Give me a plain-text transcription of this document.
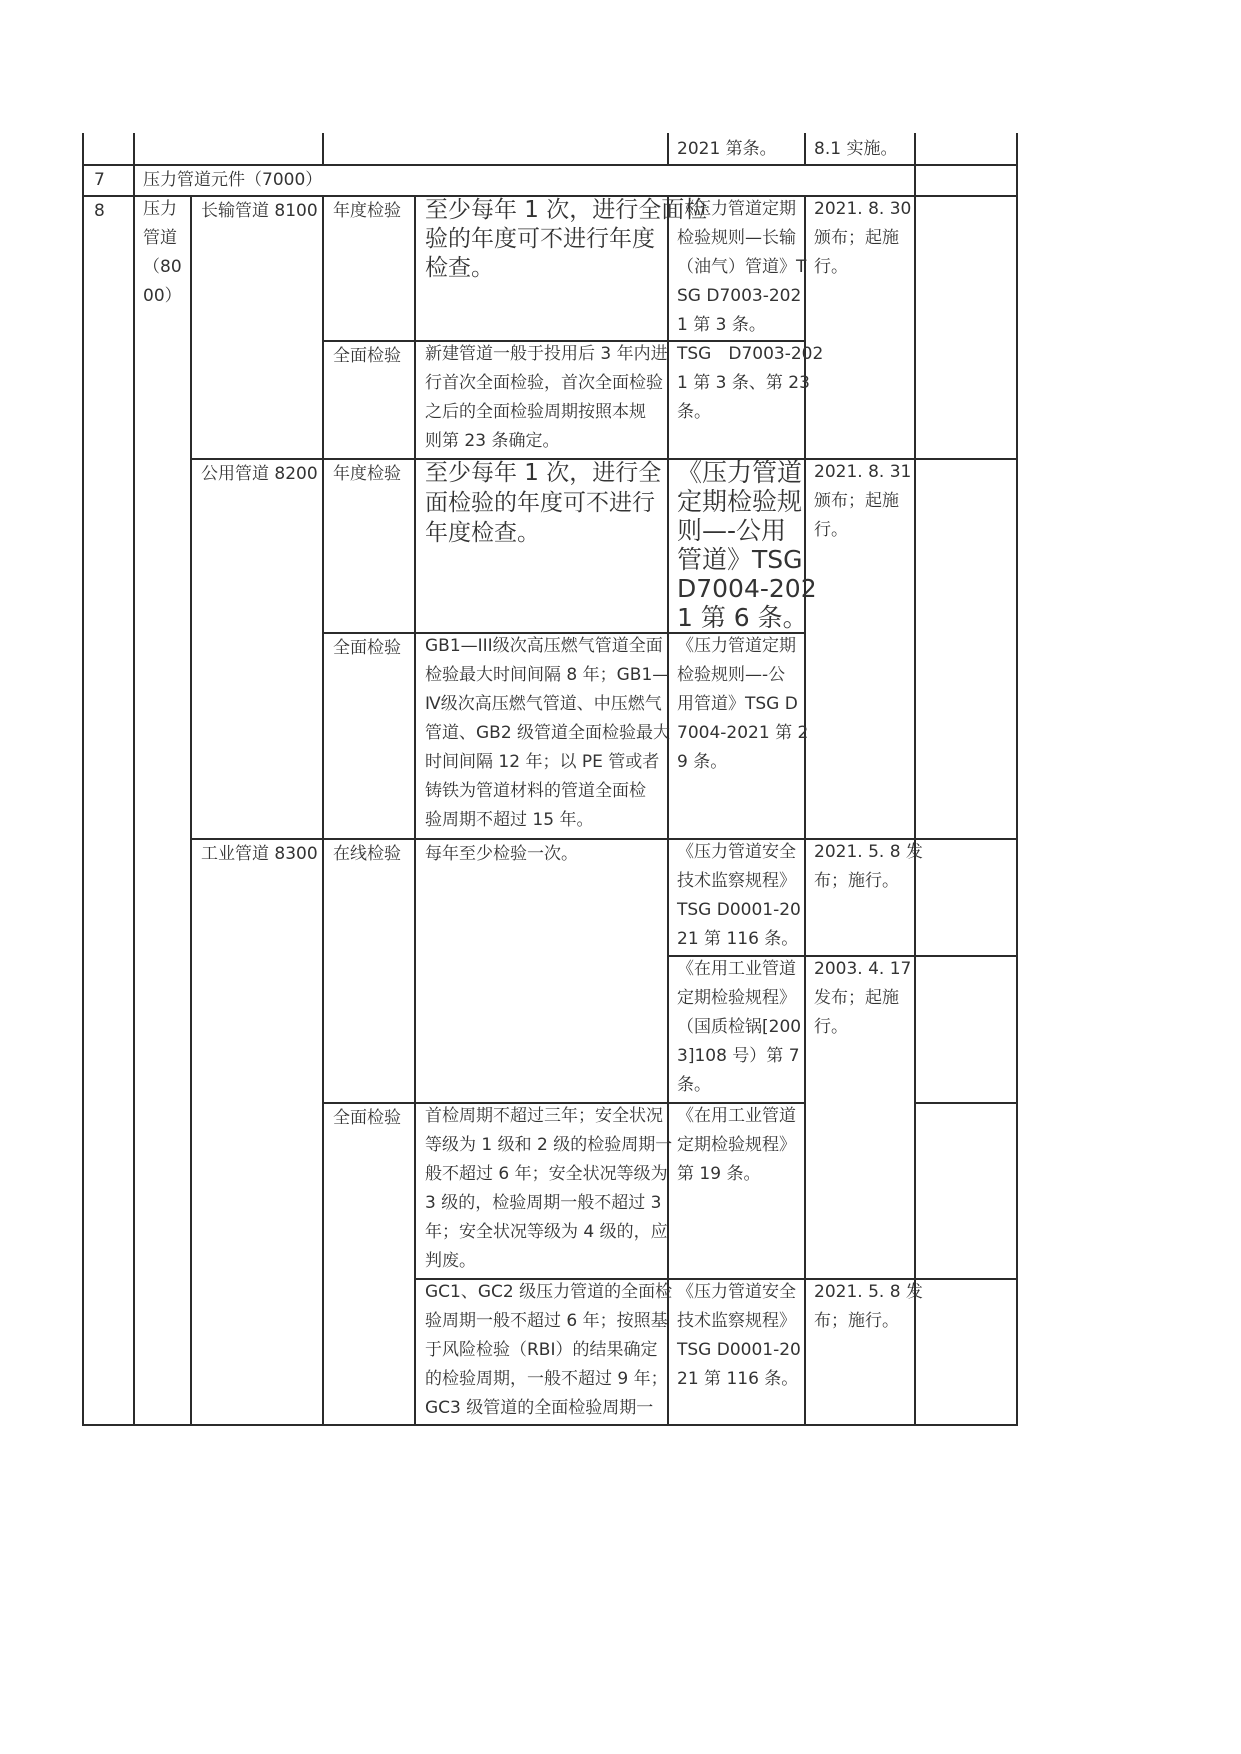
2021 第条。 8.1 实施。
7 压力管道元件（7000）
8 压力
管道
（80
00）
长输管道 8100 年度检验 至少每年 1 次，进行全面检
验的年度可不进行年度
检查。
《压力管道定期
检验规则—长输
（油气）管道》T
SG D7003-202
1 第 3 条。
2021. 8. 30
颁布；起施
行。
全面检验 新建管道一般于投用后 3 年内进
行首次全面检验，首次全面检验
之后的全面检验周期按照本规
则第 23 条确定。
TSG　D7003-202
1 第 3 条、第 23
条。
公用管道 8200 年度检验 至少每年 1 次，进行全
面检验的年度可不进行
年度检查。
《压力管道
定期检验规
则—-公用
管道》TSG
D7004-202
1 第 6 条。
2021. 8. 31
颁布；起施
行。
全面检验 GB1—III级次高压燃气管道全面
检验最大时间间隔 8 年；GB1—
Ⅳ级次高压燃气管道、中压燃气
管道、GB2 级管道全面检验最大
时间间隔 12 年；以 PE 管或者
铸铁为管道材料的管道全面检
验周期不超过 15 年。
《压力管道定期
检验规则—-公
用管道》TSG D
7004-2021 第 2
9 条。
工业管道 8300 在线检验 每年至少检验一次。	《压力管道安全
技术监察规程》
TSG D0001-20
21 第 116 条。
2021. 5. 8 发
布；施行。
《在用工业管道
定期检验规程》
（国质检锅[200
3]108 号）第 7
条。
2003. 4. 17
发布；起施
行。
全面检验 首检周期不超过三年；安全状况
等级为 1 级和 2 级的检验周期一
般不超过 6 年；安全状况等级为
3 级的，检验周期一般不超过 3
年；安全状况等级为 4 级的，应
判废。
《在用工业管道
定期检验规程》
第 19 条。
GC1、GC2 级压力管道的全面检
验周期一般不超过 6 年；按照基
于风险检验（RBI）的结果确定
的检验周期，一般不超过 9 年；
GC3 级管道的全面检验周期一
《压力管道安全
技术监察规程》
TSG D0001-20
21 第 116 条。
2021. 5. 8 发
布；施行。
